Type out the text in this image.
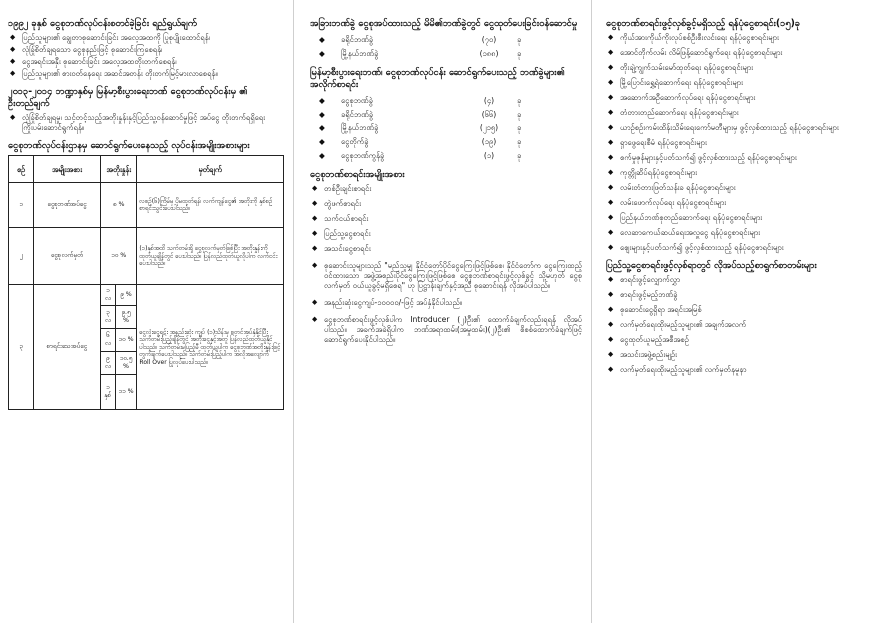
၁၉၉၂ ခုနှစ် ငွေစုဘဏ်လုပ်ငန်းစတင်ခဲ့ခြင်း ရည်ရွယ်ချက်
◆ ပြည်သူများ၏ ချွေတာစုဆောင်းခြင်း အလေ့အထကို ပြုစုပျိုးထောင်ရန်၊
◆ လုံခြုံစိတ်ချရသော ငွေစုနည်းဖြင့် စုဆောင်းကြစေရန်၊
◆ ငွေအရင်းအနှီး စုဆောင်းခြင်း အလေ့အထတိုးတက်စေရန်၊
◆ ပြည်သူများ၏ စားဝတ်နေရေး အဆင်အတန်း တိုးတက်မြင့်မားလာစေရန်။
၂၀၁၃-၂၀၁၄ ဘဏ္ဍာနှစ်မှ မြန်မာ့စီးပွားရေးဘဏ် ငွေစုဘဏ်လုပ်ငန်းမှ ၏ ဦးတည်ချက်
◆ လုံခြုံစိတ်ချရမှု၊ သင့်တင့်သည့်အတိုးနှုန်းနှင့်ပြည်သူ့ဝန်ဆောင်မှုဖြင့် အပ်ငွေ တိုးတက်ရရှိရေး ကြိုးပမ်းဆောင်ရွက်ရန်။
ငွေစုဘဏ်လုပ်ငန်းဌာနမှ ဆောင်ရွက်ပေးနေသည့် လုပ်ငန်းအမျိုးအစားများ
စဉ်	အမျိုးအစား	အတိုးနှုန်း		မှတ်ချက်
၁	ငွေစုဘဏ်အပ်ငွေ	၈ %		လစဉ်(၆)ကြိမ်မှ ပိုမထုတ်ရန်၊ လက်ကျန်ငွေ၏ အတိုးကို နှစ်စဉ် စာရင်းသွင်းပေးပါသည်။
၂	ငွေစုလက်မှတ်	၁၀ %		(၁)နှစ်အထိ သက်တမ်းရှိ ငွေစုလက်မှတ်ဖြစ်ပြီး အတိုးနှုန်းကို ထုတ်ယူချိန်တွင် ပေးပါသည်။ ပြန်လည်ထုတ်ယူလိုပါက လက်ငင်းပေးပါသည်။
၃	စာရင်းသေအပ်ငွေ	၁ လ	၉ %	ငွေလုံးငွေရင်း အနည်းဆုံး ကျပ် (၁)သိန်းမှ စတင်အပ်နှံနိုင်ပြီး သက်တမ်းပြည့်ချိန်တွင် အတိုးငွေနှင့်အတူ ပြန်လည်ထုတ်ယူနိုင်ပါသည်။ သက်တမ်းမပြည့်မီ ထုတ်ယူပါက ငွေစုဘဏ်အတိုးနှုန်းဖြင့် တွက်ချက်ပေးပါသည်။ သက်တမ်းပြည့်ပါက အလိုအလျောက် Roll Over ပြုလုပ်ပေးပါသည်။
		၃ လ	၉.၅ %	
		၆ လ	၁၀ %	
		၉ လ	၁၀.၅ %	
		၁ နှစ်	၁၁ %	
အခြားဘဏ်ခွဲ ငွေစုအပ်ထားသည့် မိမိ၏ဘဏ်ခွဲတွင် ငွေထုတ်ပေးခြင်းဝန်ဆောင်မှု
◆	ခရိုင်ဘဏ်ခွဲ	(၇၀)	ခု
◆	မြို့နယ်ဘဏ်ခွဲ	(၁၈၈)	ခု
မြန်မာ့စီးပွားရေးဘဏ်၊ ငွေစုဘဏ်လုပ်ငန်း ဆောင်ရွက်ပေးသည့် ဘဏ်ခွဲများ၏ အလိုက်စာရင်း
◆	ငွေစုဘဏ်ခွဲ	(၄)	ခု
◆	ခရိုင်ဘဏ်ခွဲ	(၆၆)	ခု
◆	မြို့နယ်ဘဏ်ခွဲ	(၂၁၅)	ခု
◆	ငွေတိုက်ခွဲ	(၁၉)	ခု
◆	ငွေစုဘဏ်ကွန်ခွဲ	(၁)	ခု
ငွေစုဘဏ်စာရင်းအမျိုးအစား
◆ တစ်ဦးချင်းစာရင်း
◆ တွဲဖက်စာရင်း
◆ သက်ငယ်စာရင်း
◆ ပြည်သူ့ငွေစာရင်း
◆ အသင်းငွေစာရင်း
◆ စုဆောင်းသူများသည် "မည်သူမျှ နိုင်ငံတော်ပိုင်ငွေကြေးဖြင့်ဖြစ်စေ၊ နိုင်ငံတော်က ငွေကြေးထည့်ဝင်ထားသော အဖွဲ့အစည်းပိုင်ငွေကြေးဖြင့်ဖြစ်စေ ငွေစုဘဏ်စာရင်းဖွင့်လှစ်ခွင့် သို့မဟုတ် ငွေစုလက်မှတ် ဝယ်ယူခွင့်မရှိစေရ" ဟု ပြဋ္ဌာန်းချက်နှင့်အညီ စုဆောင်းရန် လိုအပ်ပါသည်။
◆ အနည်းဆုံးငွေကျပ်-၁၀၀၀၀/-ဖြင့် အပ်နှံနိုင်ပါသည်။
◆ ငွေစုဘဏ်စာရင်းဖွင့်လှစ်ပါက Introducer (၂)ဦး၏ ထောက်ခံချက်လည်းရရန် လိုအပ်ပါသည်။ အခက်အခဲရှိပါက ဘဏ်အရာထမ်း(အမှုထမ်း)(၂)ဦး၏ စိစစ်ထောက်ခံချက်ဖြင့် ဆောင်ရွက်ပေးနိုင်ပါသည်။
ငွေစုဘဏ်စာရင်းဖွင့်လှစ်ခွင့်မရှိသည့် ရန်ပုံငွေစာရင်း(၁၅)ခု
◆ ကိုယ်အားကိုယ်ကိုးလုပ်စစ်ဦးစီးလင်းရေး ရန်ပုံငွေစာရင်းများ
◆ အောင်တိုက်လမ်း လိမ်ဖြန့်ဆောင်ရွက်ရေး ရန်ပုံငွေစာရင်းများ
◆ တိုးချဲ့ကျွက်သမ်းမော်ထုတ်ရေး ရန်ပုံငွေစာရင်းများ
◆ မြို့ပြောင်းရွှေ့ရဲဆောက်ရေး ရန်ပုံငွေစာရင်းများ
◆ အဆောက်အဦဆောက်လုပ်ရေး ရန်ပုံငွေစာရင်းများ
◆ တံတားတည်ဆောက်ရေး ရန်ပုံငွေစာရင်းများ
◆ ယာဉ်စဉ်းကမ်းထိန်းသိမ်းရေးကော်မတီများမှ ဖွင့်လှစ်ထားသည့် ရန်ပုံငွေစာရင်းများ
◆ ရှာဖွေရေးစီမံ ရန်ပုံငွေစာရင်းများ
◆ စက်မှုဇုန်များနှင့်ပတ်သက်၍ ဖွင့်လှစ်ထားသည့် ရန်ပုံငွေစာရင်းများ
◆ ကုတ္တိုဆိပ်ရန်ပုံငွေစာရင်းများ
◆ လမ်းတံတားဖြတ်သန်းခ ရန်ပုံငွေစာရင်းများ
◆ လမ်းဖောက်လုပ်ရေး ရန်ပုံငွေစာရင်းများ
◆ ပြည်နယ်ဘဏ်စုတည်ဆောက်ရေး ရန်ပုံငွေစာရင်းများ
◆ လေဆာကေယ်ဆယ်ရေးအလှူငွေ ရန်ပုံငွေစာရင်းများ
◆ ဈေးများနှင့်ပတ်သက်၍ ဖွင့်လှစ်ထားသည့် ရန်ပုံငွေစာရင်းများ
ပြည်သူ့ငွေစာရင်းဖွင့်လှစ်ရာတွင် လိုအပ်သည့်စာရွက်စာတမ်းများ
◆ စာရင်းဖွင့်လျှောက်လွှာ
◆ စာရင်းဖွင့်မည့်ဘဏ်ခွဲ
◆ စုဆောင်းငွေရှိရာ အရင်းအမြစ်
◆ လက်မှတ်ရေးထိုးမည့်သူများ၏ အချက်အလက်
◆ ငွေထုတ်ယူမည့်အစီအစဉ်
◆ အသင်းအဖွဲ့စည်းမျဉ်း
◆ လက်မှတ်ရေးထိုးမည့်သူများ၏ လက်မှတ်နမူနာ
